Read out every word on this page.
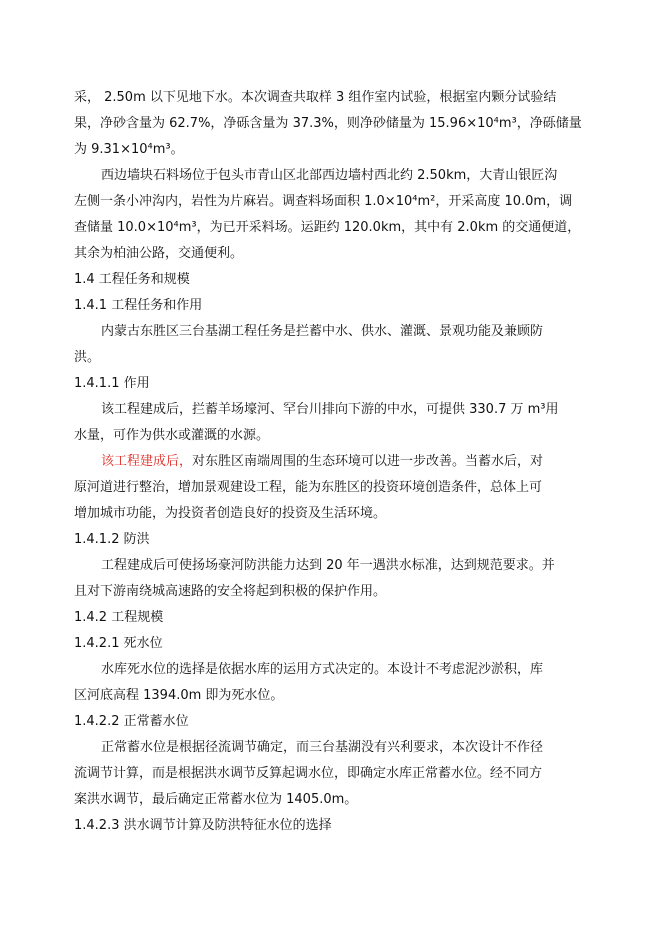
采， 2.50m 以下见地下水。本次调查共取样 3 组作室内试验，根据室内颗分试验结
果，净砂含量为 62.7%，净砾含量为 37.3%，则净砂储量为 15.96×10⁴m³，净砾储量
为 9.31×10⁴m³。
西边墙块石料场位于包头市青山区北部西边墙村西北约 2.50km，大青山银匠沟
左侧一条小冲沟内，岩性为片麻岩。调查料场面积 1.0×10⁴m²，开采高度 10.0m，调
查储量 10.0×10⁴m³，为已开采料场。运距约 120.0km，其中有 2.0km 的交通便道，
其余为柏油公路，交通便利。
1.4 工程任务和规模
1.4.1 工程任务和作用
内蒙古东胜区三台基湖工程任务是拦蓄中水、供水、灌溉、景观功能及兼顾防
洪。
1.4.1.1 作用
该工程建成后，拦蓄羊场壕河、罕台川排向下游的中水，可提供 330.7 万 m³用
水量，可作为供水或灌溉的水源。
该工程建成后，对东胜区南端周围的生态环境可以进一步改善。当蓄水后，对
原河道进行整治，增加景观建设工程，能为东胜区的投资环境创造条件，总体上可
增加城市功能，为投资者创造良好的投资及生活环境。
1.4.1.2 防洪
工程建成后可使扬场豪河防洪能力达到 20 年一遇洪水标准，达到规范要求。并
且对下游南绕城高速路的安全将起到积极的保护作用。
1.4.2 工程规模
1.4.2.1 死水位
水库死水位的选择是依据水库的运用方式决定的。本设计不考虑泥沙淤积，库
区河底高程 1394.0m 即为死水位。
1.4.2.2 正常蓄水位
正常蓄水位是根据径流调节确定，而三台基湖没有兴利要求，本次设计不作径
流调节计算，而是根据洪水调节反算起调水位，即确定水库正常蓄水位。经不同方
案洪水调节，最后确定正常蓄水位为 1405.0m。
1.4.2.3 洪水调节计算及防洪特征水位的选择
